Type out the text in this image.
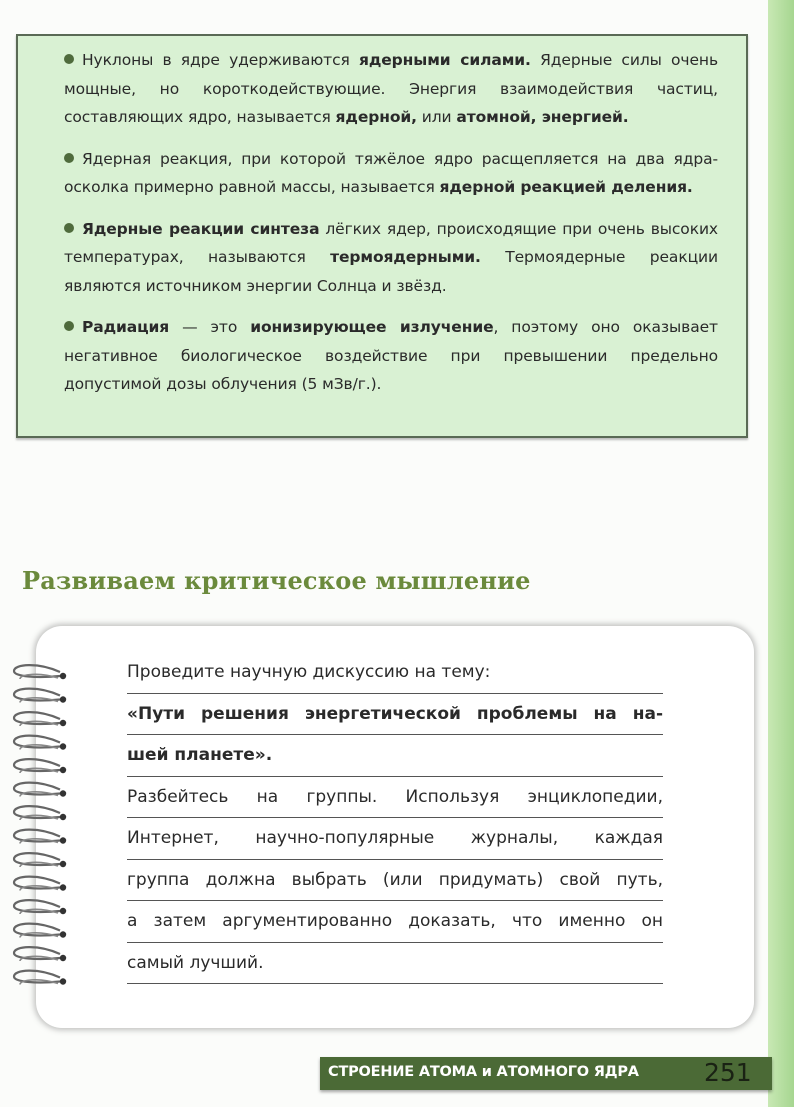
Нуклоны в ядре удерживаются ядерными силами. Ядерные силы очень мощные, но короткодействующие. Энергия взаимодействия частиц, составляющих ядро, называется ядерной, или атомной, энергией.
Ядерная реакция, при которой тяжёлое ядро расщепляется на два ядра-осколка примерно равной массы, называется ядерной реакцией деления.
Ядерные реакции синтеза лёгких ядер, происходящие при очень высоких температурах, называются термоядерными. Термоядерные реакции являются источником энергии Солнца и звёзд.
Радиация — это ионизирующее излучение, поэтому оно оказывает негативное биологическое воздействие при превышении предельно допустимой дозы облучения (5 мЗв/г.).
Развиваем критическое мышление
Проведите научную дискуссию на тему:
«Пути решения энергетической проблемы на на-
шей планете».
Разбейтесь на группы. Используя энциклопедии,
Интернет, научно-популярные журналы, каждая
группа должна выбрать (или придумать) свой путь,
а затем аргументированно доказать, что именно он
самый лучший.
СТРОЕНИЕ АТОМА и АТОМНОГО ЯДРА	251
